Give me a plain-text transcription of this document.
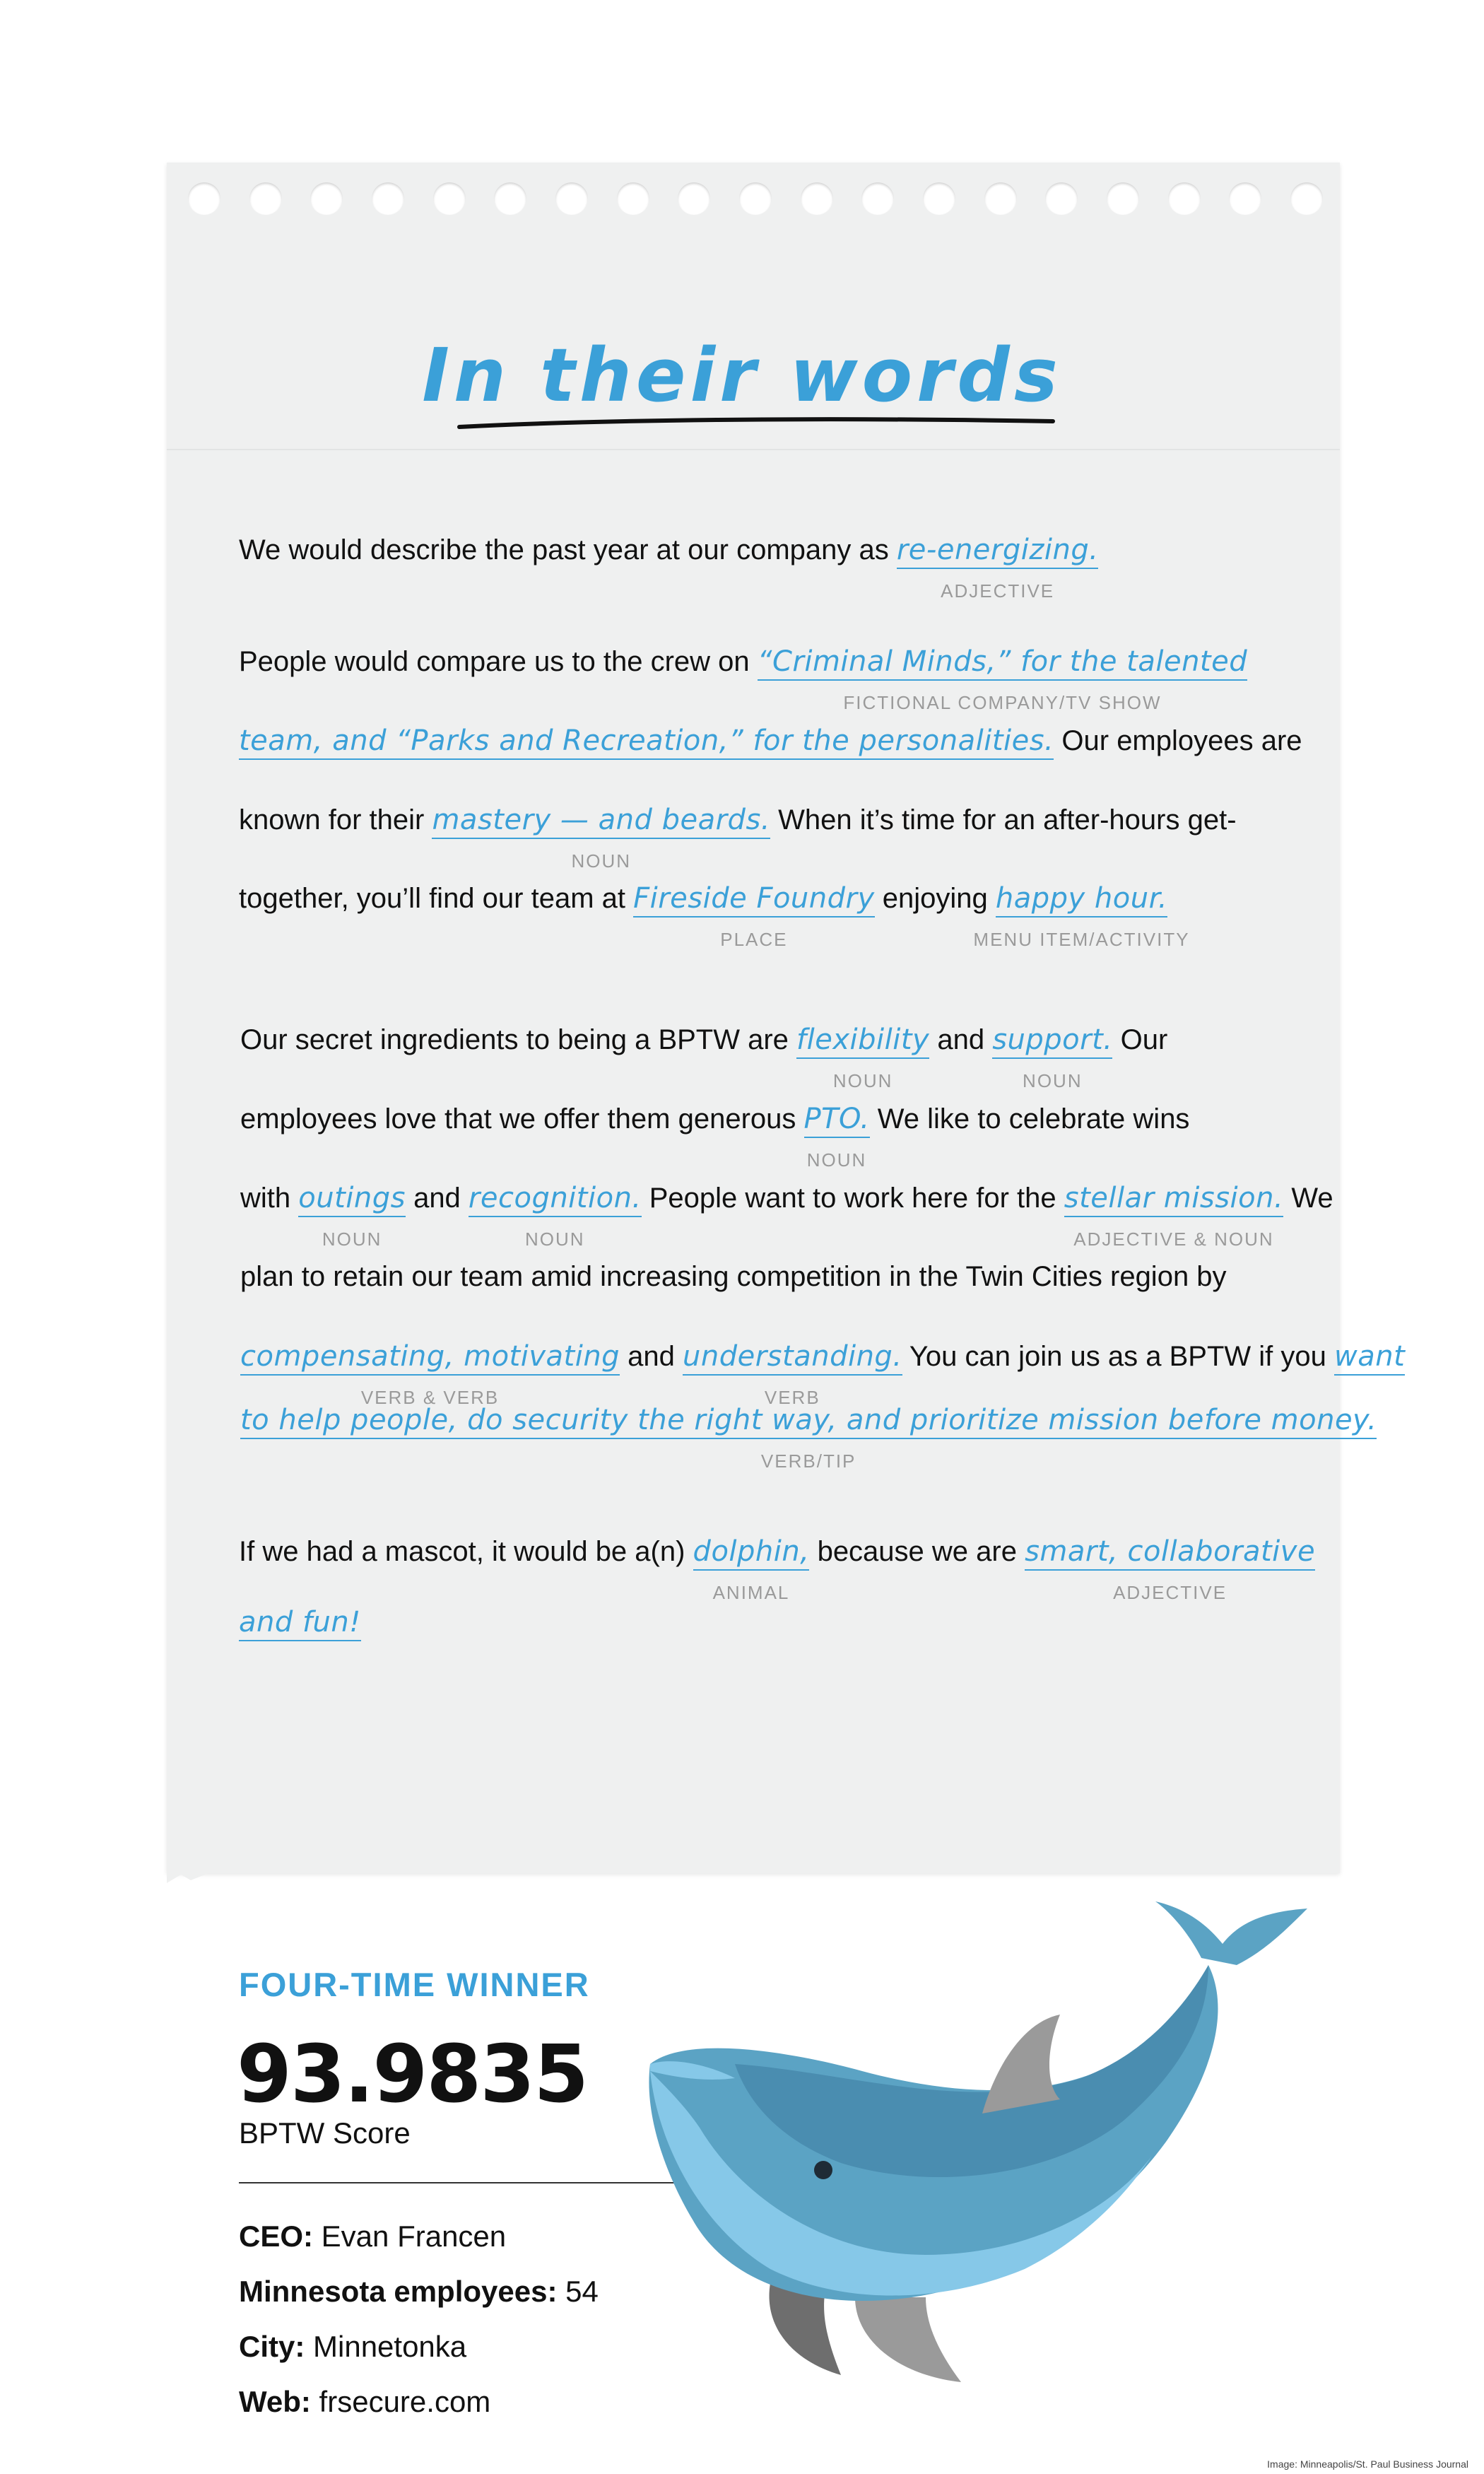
In their words
We would describe the past year at our company as re-energizing.
ADJECTIVE
People would compare us to the crew on “Criminal Minds,” for the talented
FICTIONAL COMPANY/TV SHOW
team, and “Parks and Recreation,” for the personalities. Our employees are
known for their mastery — and beards.
NOUN
When it’s time for an after-hours get-
together, you’ll find our team at Fireside Foundry
PLACE
enjoying happy hour.
MENU ITEM/ACTIVITY
Our secret ingredients to being a BPTW are flexibility
NOUN
and support.
NOUN
Our
employees love that we offer them generous PTO.
NOUN
We like to celebrate wins
with outings
NOUN
and recognition.
NOUN
People want to work here for the stellar mission.
ADJECTIVE & NOUN
We
plan to retain our team amid increasing competition in the Twin Cities region by
compensating, motivating
VERB & VERB
and understanding.
VERB
You can join us as a BPTW if you want
to help people, do security the right way, and prioritize mission before money.
VERB/TIP
If we had a mascot, it would be a(n) dolphin,
ANIMAL
because we are smart, collaborative
ADJECTIVE
and fun!
FOUR-TIME WINNER
93.9835
BPTW Score
CEO: Evan Francen
Minnesota employees: 54
City: Minnetonka
Web: frsecure.com
Image: Minneapolis/St. Paul Business Journal
